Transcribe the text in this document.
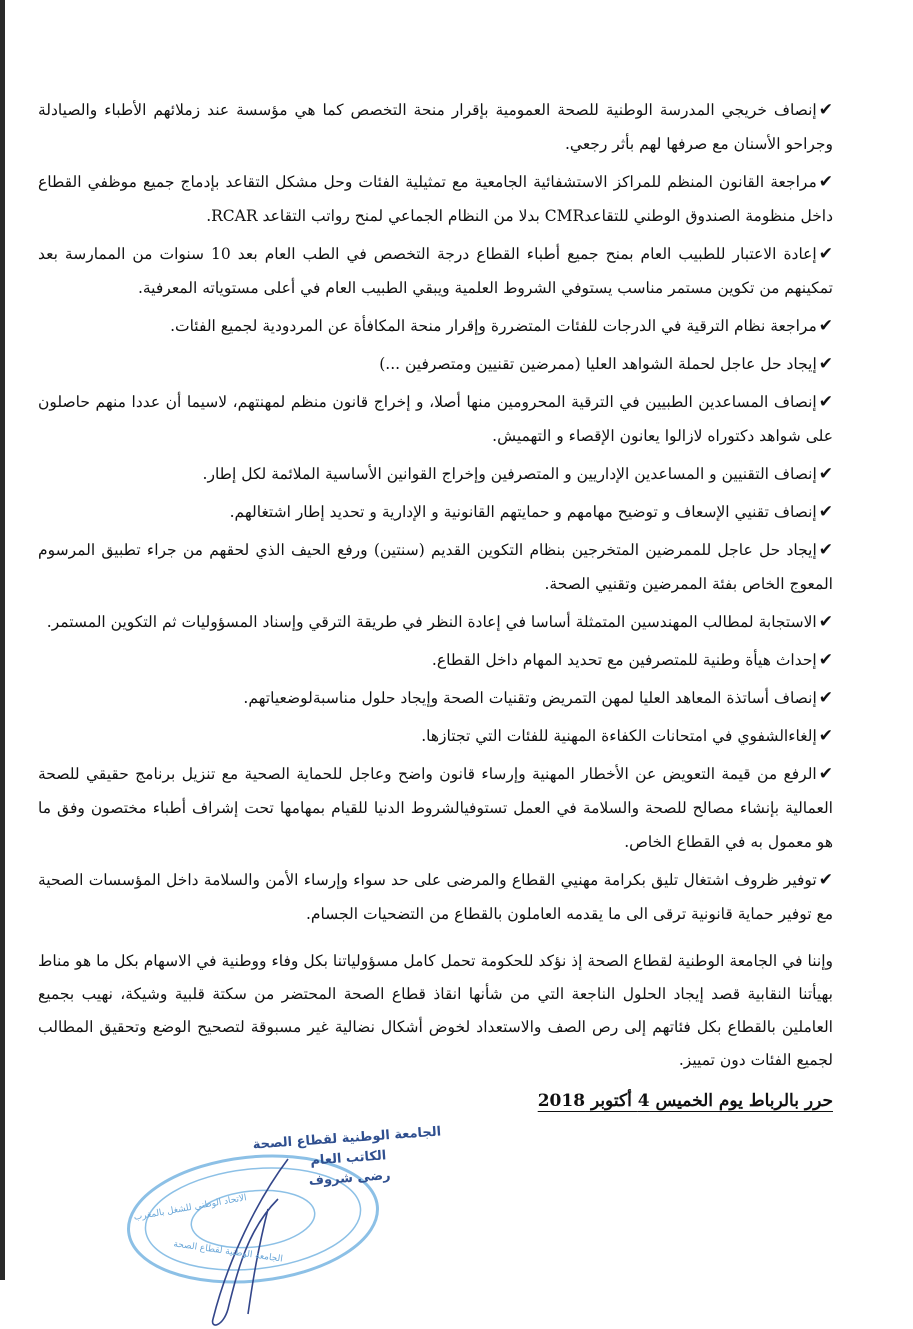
✔إنصاف خريجي المدرسة الوطنية للصحة العمومية بإقرار منحة التخصص كما هي مؤسسة عند زملائهم الأطباء والصيادلة وجراحو الأسنان مع صرفها لهم بأثر رجعي.

✔مراجعة القانون المنظم للمراكز الاستشفائية الجامعية مع تمثيلية الفئات وحل مشكل التقاعد بإدماج جميع موظفي القطاع داخل منظومة الصندوق الوطني للتقاعدCMR بدلا من النظام الجماعي لمنح رواتب التقاعد RCAR.

✔إعادة الاعتبار للطبيب العام بمنح جميع أطباء القطاع درجة التخصص في الطب العام بعد 10 سنوات من الممارسة بعد تمكينهم من تكوين مستمر مناسب يستوفي الشروط العلمية ويبقي الطبيب العام في أعلى مستوياته المعرفية.

✔مراجعة نظام الترقية في الدرجات للفئات المتضررة وإقرار منحة المكافأة عن المردودية لجميع الفئات.

✔إيجاد حل عاجل لحملة الشواهد العليا (ممرضين تقنيين ومتصرفين ...)

✔إنصاف المساعدين الطبيين في الترقية المحرومين منها أصلا، و إخراج قانون منظم لمهنتهم، لاسيما أن عددا منهم حاصلون على شواهد دكتوراه لازالوا يعانون الإقصاء و التهميش.

✔إنصاف التقنيين و المساعدين الإداريين و المتصرفين وإخراج القوانين الأساسية الملائمة لكل إطار.

✔إنصاف تقنيي الإسعاف و توضيح مهامهم و حمايتهم القانونية و الإدارية و تحديد إطار اشتغالهم.

✔إيجاد حل عاجل للممرضين المتخرجين بنظام التكوين القديم (سنتين) ورفع الحيف الذي لحقهم من جراء تطبيق المرسوم المعوج الخاص بفئة الممرضين وتقنيي الصحة.

✔الاستجابة لمطالب المهندسين المتمثلة أساسا في إعادة النظر في طريقة الترقي وإسناد المسؤوليات ثم التكوين المستمر.

✔إحداث هيأة وطنية للمتصرفين مع تحديد المهام داخل القطاع.

✔إنصاف أساتذة المعاهد العليا لمهن التمريض وتقنيات الصحة وإيجاد حلول مناسبةلوضعياتهم.

✔إلغاءالشفوي في امتحانات الكفاءة المهنية للفئات التي تجتازها.

✔الرفع من قيمة التعويض عن الأخطار المهنية وإرساء قانون واضح وعاجل للحماية الصحية مع تنزيل برنامج حقيقي للصحة العمالية بإنشاء مصالح للصحة والسلامة في العمل تستوفيالشروط الدنيا للقيام بمهامها تحت إشراف أطباء مختصون وفق ما هو معمول به في القطاع الخاص.

✔توفير ظروف اشتغال تليق بكرامة مهنيي القطاع والمرضى على حد سواء وإرساء الأمن والسلامة داخل المؤسسات الصحية مع توفير حماية قانونية ترقى الى ما يقدمه العاملون بالقطاع من التضحيات الجسام.

وإننا في الجامعة الوطنية لقطاع الصحة إذ نؤكد للحكومة تحمل كامل مسؤولياتنا بكل وفاء ووطنية في الاسهام بكل ما هو مناط بهيأتنا النقابية قصد إيجاد الحلول الناجعة التي من شأنها انقاذ قطاع الصحة المحتضر من سكتة قلبية وشيكة، نهيب بجميع العاملين بالقطاع بكل فئاتهم إلى رص الصف والاستعداد لخوض أشكال نضالية غير مسبوقة لتصحيح الوضع وتحقيق المطالب لجميع الفئات دون تمييز.

حرر بالرباط يوم الخميس 4 أكتوبر 2018
الاتحاد الوطني للشغل بالمغرب
الجامعة الوطنية لقطاع الصحة
الجامعة الوطنية لقطاع الصحة
الكاتب العام
رضى شروف
